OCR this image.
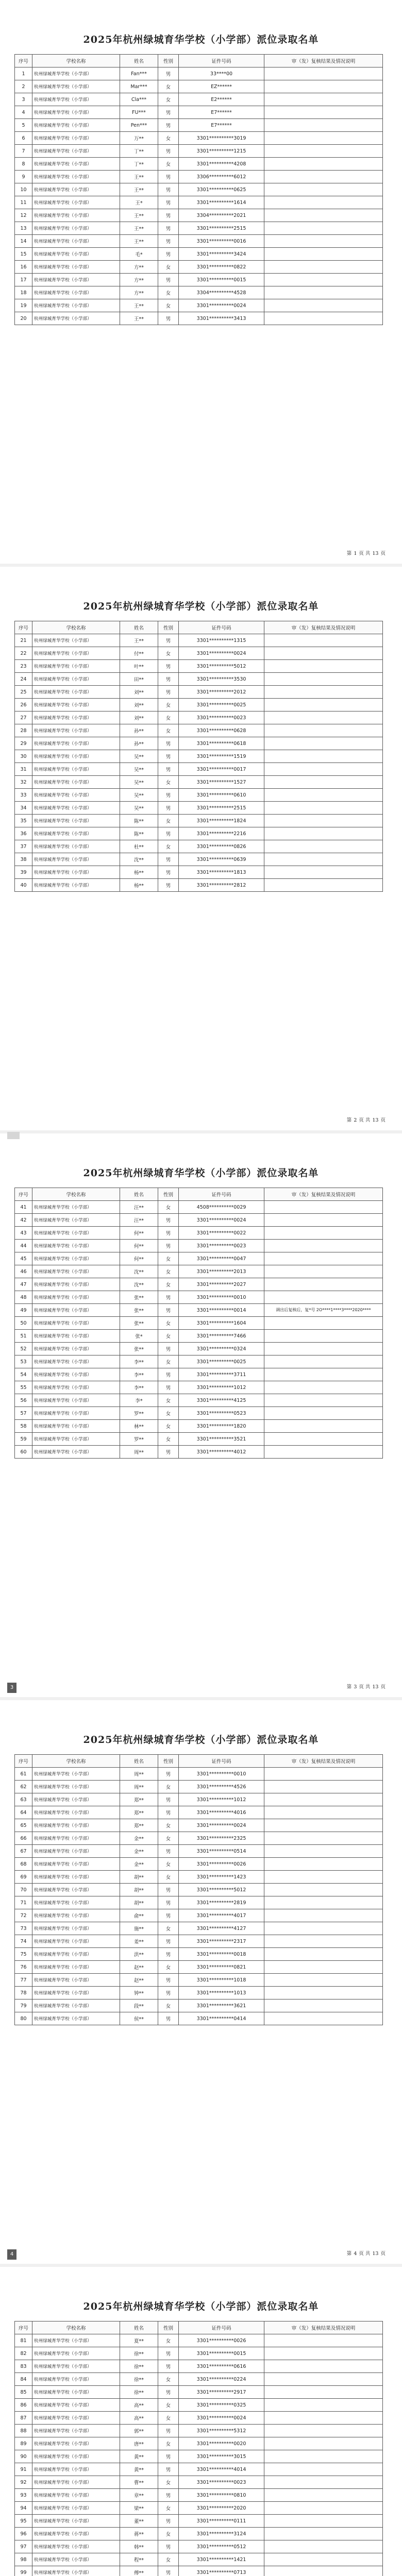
2025年杭州绿城育华学校（小学部）派位录取名单
序号	学校名称	姓名	性别	证件号码	审（发）复核结果及情况说明
1	杭州绿城育华学校（小学部）	Fan***	男	33****00	
2	杭州绿城育华学校（小学部）	Mar***	女	EZ******	
3	杭州绿城育华学校（小学部）	Cla***	女	E2******	
4	杭州绿城育华学校（小学部）	FU***	男	E7******	
5	杭州绿城育华学校（小学部）	Pen***	男	E7******	
6	杭州绿城育华学校（小学部）	万**	女	3301**********3019	
7	杭州绿城育华学校（小学部）	丁**	男	3301**********1215	
8	杭州绿城育华学校（小学部）	丁**	女	3301**********4208	
9	杭州绿城育华学校（小学部）	王**	男	3306**********6012	
10	杭州绿城育华学校（小学部）	王**	男	3301**********0625	
11	杭州绿城育华学校（小学部）	王*	男	3301**********1614	
12	杭州绿城育华学校（小学部）	王**	男	3304**********2021	
13	杭州绿城育华学校（小学部）	王**	男	3301**********2515	
14	杭州绿城育华学校（小学部）	王**	男	3301**********0016	
15	杭州绿城育华学校（小学部）	毛*	男	3301**********3424	
16	杭州绿城育华学校（小学部）	方**	女	3301**********0822	
17	杭州绿城育华学校（小学部）	方**	男	3301**********0015	
18	杭州绿城育华学校（小学部）	方**	女	3304**********4528	
19	杭州绿城育华学校（小学部）	王**	女	3301**********0024	
20	杭州绿城育华学校（小学部）	王**	男	3301**********3413	
第 1 页 共 13 页
2025年杭州绿城育华学校（小学部）派位录取名单
序号	学校名称	姓名	性别	证件号码	审（发）复核结果及情况说明
21	杭州绿城育华学校（小学部）	王**	男	3301**********1315	
22	杭州绿城育华学校（小学部）	付**	女	3301**********0024	
23	杭州绿城育华学校（小学部）	叶**	男	3301**********5012	
24	杭州绿城育华学校（小学部）	田**	男	3301**********3530	
25	杭州绿城育华学校（小学部）	刘**	男	3301**********2012	
26	杭州绿城育华学校（小学部）	刘**	女	3301**********0025	
27	杭州绿城育华学校（小学部）	刘**	女	3301**********0023	
28	杭州绿城育华学校（小学部）	孙**	女	3301**********0628	
29	杭州绿城育华学校（小学部）	孙**	男	3301**********0618	
30	杭州绿城育华学校（小学部）	吴**	男	3301**********1519	
31	杭州绿城育华学校（小学部）	吴**	男	3301**********0017	
32	杭州绿城育华学校（小学部）	吴**	女	3301**********1527	
33	杭州绿城育华学校（小学部）	吴**	男	3301**********0610	
34	杭州绿城育华学校（小学部）	吴**	男	3301**********2515	
35	杭州绿城育华学校（小学部）	陈**	女	3301**********1824	
36	杭州绿城育华学校（小学部）	陈**	男	3301**********2216	
37	杭州绿城育华学校（小学部）	杜**	女	3301**********0826	
38	杭州绿城育华学校（小学部）	沈**	男	3301**********0639	
39	杭州绿城育华学校（小学部）	杨**	男	3301**********1813	
40	杭州绿城育华学校（小学部）	杨**	男	3301**********2812	
第 2 页 共 13 页
2025年杭州绿城育华学校（小学部）派位录取名单
序号	学校名称	姓名	性别	证件号码	审（发）复核结果及情况说明
41	杭州绿城育华学校（小学部）	汪**	女	4508**********0029	
42	杭州绿城育华学校（小学部）	汪**	男	3301**********0024	
43	杭州绿城育华学校（小学部）	何**	男	3301**********0022	
44	杭州绿城育华学校（小学部）	何**	男	3301**********0023	
45	杭州绿城育华学校（小学部）	何**	女	3301**********0047	
46	杭州绿城育华学校（小学部）	沈**	女	3301**********2013	
47	杭州绿城育华学校（小学部）	沈**	女	3301**********2027	
48	杭州绿城育华学校（小学部）	张**	男	3301**********0010	
49	杭州绿城育华学校（小学部）	张**	男	3301**********0014	调出后复核后，复*号 2O****1****3****2020****
50	杭州绿城育华学校（小学部）	张**	女	3301**********1604	
51	杭州绿城育华学校（小学部）	张*	女	3301**********7466	
52	杭州绿城育华学校（小学部）	张**	男	3301**********0324	
53	杭州绿城育华学校（小学部）	李**	女	3301**********0025	
54	杭州绿城育华学校（小学部）	李**	男	3301**********3711	
55	杭州绿城育华学校（小学部）	李**	男	3301**********1012	
56	杭州绿城育华学校（小学部）	李*	女	3301**********4125	
57	杭州绿城育华学校（小学部）	罗**	女	3301**********0523	
58	杭州绿城育华学校（小学部）	林**	女	3301**********1820	
59	杭州绿城育华学校（小学部）	罗**	女	3301**********3521	
60	杭州绿城育华学校（小学部）	周**	男	3301**********4012	
第 3 页 共 13 页
3
2025年杭州绿城育华学校（小学部）派位录取名单
序号	学校名称	姓名	性别	证件号码	审（发）复核结果及情况说明
61	杭州绿城育华学校（小学部）	周**	男	3301**********0010	
62	杭州绿城育华学校（小学部）	周**	女	3301**********4526	
63	杭州绿城育华学校（小学部）	郑**	男	3301**********1012	
64	杭州绿城育华学校（小学部）	郑**	男	3301**********4016	
65	杭州绿城育华学校（小学部）	郑**	女	3301**********0024	
66	杭州绿城育华学校（小学部）	金**	女	3301**********2325	
67	杭州绿城育华学校（小学部）	金**	男	3301**********0514	
68	杭州绿城育华学校（小学部）	金**	女	3301**********0026	
69	杭州绿城育华学校（小学部）	胡**	女	3301**********1423	
70	杭州绿城育华学校（小学部）	胡**	男	3301**********5012	
71	杭州绿城育华学校（小学部）	胡**	男	3301**********2819	
72	杭州绿城育华学校（小学部）	俞**	男	3301**********4017	
73	杭州绿城育华学校（小学部）	施**	女	3301**********4127	
74	杭州绿城育华学校（小学部）	姜**	男	3301**********2317	
75	杭州绿城育华学校（小学部）	洪**	男	3301**********0018	
76	杭州绿城育华学校（小学部）	赵**	女	3301**********0821	
77	杭州绿城育华学校（小学部）	赵**	男	3301**********1018	
78	杭州绿城育华学校（小学部）	钟**	男	3301**********1013	
79	杭州绿城育华学校（小学部）	段**	女	3301**********3621	
80	杭州绿城育华学校（小学部）	侯**	男	3301**********0414	
第 4 页 共 13 页
4
2025年杭州绿城育华学校（小学部）派位录取名单
序号	学校名称	姓名	性别	证件号码	审（发）复核结果及情况说明
81	杭州绿城育华学校（小学部）	夏**	女	3301**********0026	
82	杭州绿城育华学校（小学部）	徐**	男	3301**********0015	
83	杭州绿城育华学校（小学部）	徐**	男	3301**********0616	
84	杭州绿城育华学校（小学部）	徐**	女	3301**********0224	
85	杭州绿城育华学校（小学部）	徐**	男	3301**********2917	
86	杭州绿城育华学校（小学部）	高**	女	3301**********0325	
87	杭州绿城育华学校（小学部）	高**	女	3301**********0024	
88	杭州绿城育华学校（小学部）	郭**	男	3301**********5312	
89	杭州绿城育华学校（小学部）	唐**	女	3301**********0020	
90	杭州绿城育华学校（小学部）	黄**	男	3301**********3015	
91	杭州绿城育华学校（小学部）	黄**	男	3301**********4014	
92	杭州绿城育华学校（小学部）	曹**	女	3301**********0023	
93	杭州绿城育华学校（小学部）	章**	男	3301**********0810	
94	杭州绿城育华学校（小学部）	梁**	女	3301**********2020	
95	杭州绿城育华学校（小学部）	董**	男	3301**********0111	
96	杭州绿城育华学校（小学部）	蒋**	女	3301**********3124	
97	杭州绿城育华学校（小学部）	韩**	男	3301**********0512	
98	杭州绿城育华学校（小学部）	程**	女	3301**********1421	
99	杭州绿城育华学校（小学部）	傅**	男	3301**********0713	
